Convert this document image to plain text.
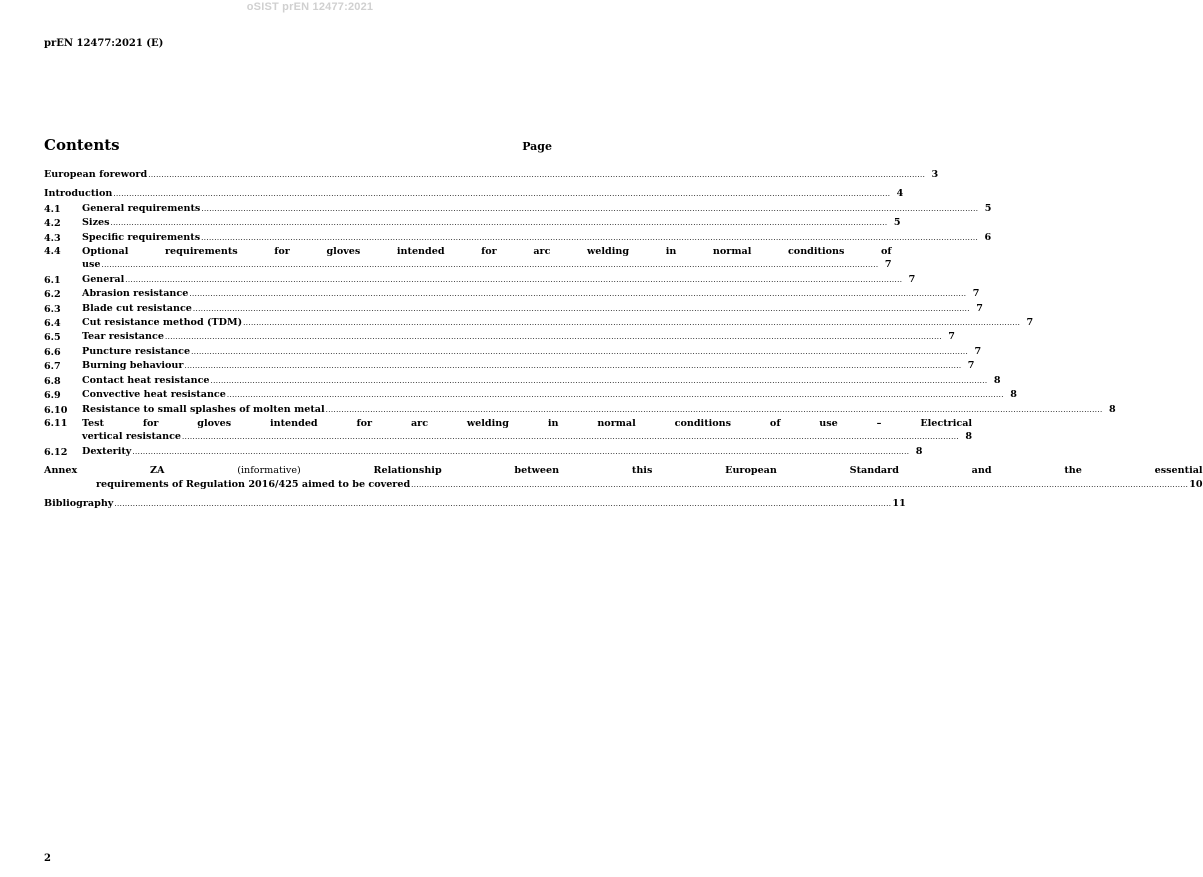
oSIST prEN 12477:2021
prEN 12477:2021 (E)
Contents	Page
European foreword .....	3
Introduction .....	4
4.1	General requirements .....	5
4.2	Sizes .....	5
4.3	Specific requirements .....	6
4.4	Optional requirements for gloves intended for arc welding in normal conditions of
use .....	7
6.1	General .....	7
6.2	Abrasion resistance .....	7
6.3	Blade cut resistance .....	7
6.4	Cut resistance method (TDM) .....	7
6.5	Tear resistance .....	7
6.6	Puncture resistance .....	7
6.7	Burning behaviour .....	7
6.8	Contact heat resistance .....	8
6.9	Convective heat resistance .....	8
6.10	Resistance to small splashes of molten metal .....	8
6.11	Test for gloves intended for arc welding in normal conditions of use – Electrical
vertical resistance .....	8
6.12	Dexterity .....	8
Annex ZA	(informative)	Relationship between this European Standard and the essential
requirements of Regulation 2016/425 aimed to be covered .....	10
Bibliography .....	11
2
